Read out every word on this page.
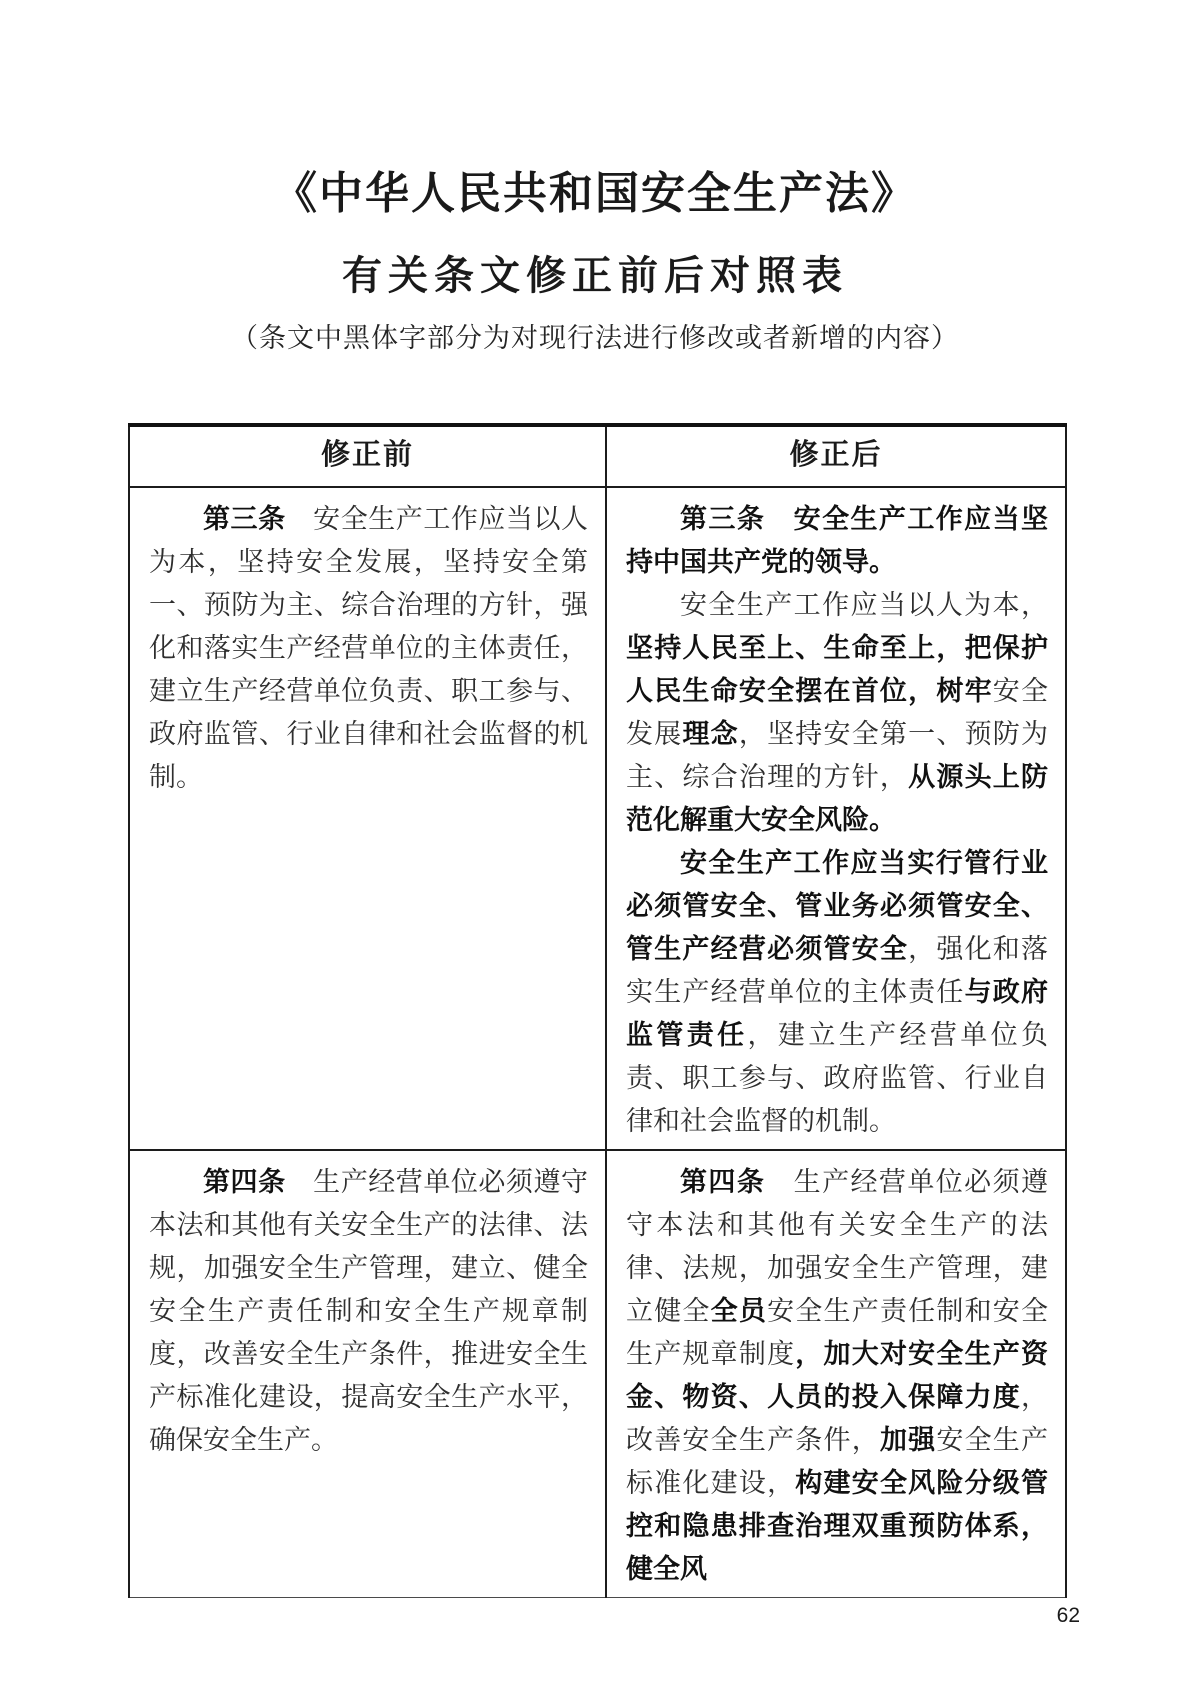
《中华人民共和国安全生产法》
有关条文修正前后对照表

（条文中黑体字部分为对现行法进行修改或者新增的内容）

修正前	修正后

第三条　安全生产工作应当以人为本，坚持安全发展，坚持安全第一、预防为主、综合治理的方针，强化和落实生产经营单位的主体责任，建立生产经营单位负责、职工参与、政府监管、行业自律和社会监督的机制。	第三条　安全生产工作应当坚持中国共产党的领导。

安全生产工作应当以人为本，坚持人民至上、生命至上，把保护人民生命安全摆在首位，树牢安全发展理念，坚持安全第一、预防为主、综合治理的方针，从源头上防范化解重大安全风险。

安全生产工作应当实行管行业必须管安全、管业务必须管安全、管生产经营必须管安全，强化和落实生产经营单位的主体责任与政府监管责任，建立生产经营单位负责、职工参与、政府监管、行业自律和社会监督的机制。

第四条　生产经营单位必须遵守本法和其他有关安全生产的法律、法规，加强安全生产管理，建立、健全安全生产责任制和安全生产规章制度，改善安全生产条件，推进安全生产标准化建设，提高安全生产水平，确保安全生产。	第四条　生产经营单位必须遵守本法和其他有关安全生产的法律、法规，加强安全生产管理，建立健全全员安全生产责任制和安全生产规章制度，加大对安全生产资金、物资、人员的投入保障力度，改善安全生产条件，加强安全生产标准化建设，构建安全风险分级管控和隐患排查治理双重预防体系，健全风

62
